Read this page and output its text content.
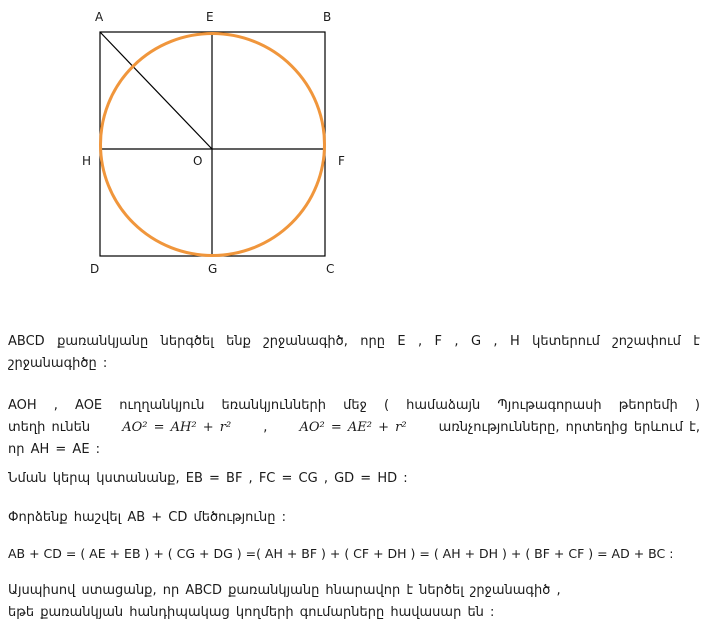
A	E	B
H	O	F
D	G	C
ABCD քառանկյանը ներգծել ենք շրջանագիծ, որը E , F , G , H կետերում շոշափում է
շրջանագիծը :
AOH , AOE ուղղանկյուն եռանկյունների մեջ ( համաձայն Պյութագորասի թեորեմի )
տեղի ունեն AO² = AH² + r² , AO² = AE² + r² առնչությունները, որտեղից երևում է,
որ AH = AE :
Նման կերպ կստանանք, EB = BF , FC = CG , GD = HD :
Փորձենք հաշվել AB + CD մեծությունը :
AB + CD = ( AE + EB ) + ( CG + DG ) =( AH + BF ) + ( CF + DH ) = ( AH + DH ) + ( BF + CF ) = AD + BC :
Այսպիսով ստացանք, որ ABCD քառանկյանը հնարավոր է ներծել շրջանագիծ ,
եթե քառանկյան հանդիպակաց կողմերի գումարները հավասար են :
